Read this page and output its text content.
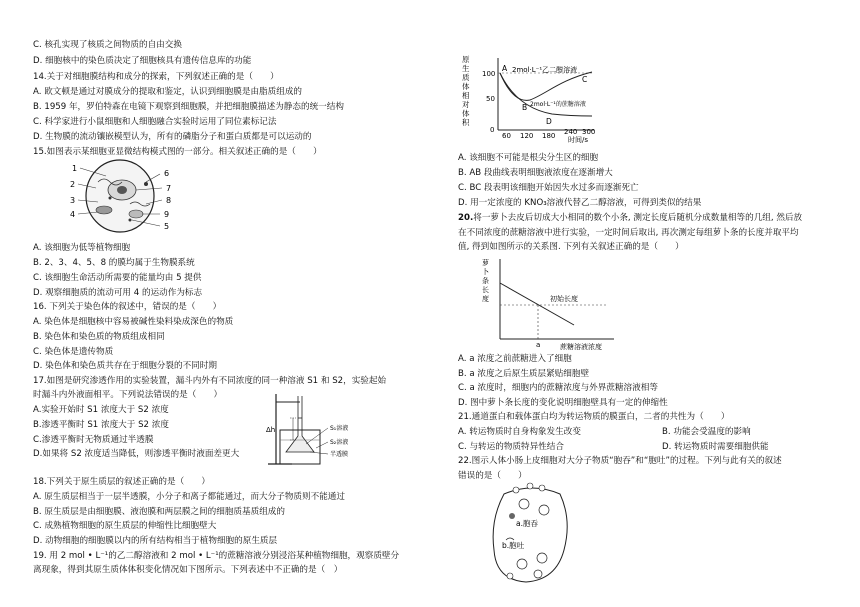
C. 核孔实现了核质之间物质的自由交换
D. 细胞核中的染色质决定了细胞核具有遗传信息库的功能
14.关于对细胞膜结构和成分的探索，下列叙述正确的是（　　）
A. 欧文顿是通过对膜成分的提取和鉴定，认识到细胞膜是由脂质组成的
B. 1959 年，罗伯特森在电镜下观察到细胞膜，并把细胞膜描述为静态的统一结构
C. 科学家进行小鼠细胞和人细胞融合实验时运用了同位素标记法
D. 生物膜的流动镶嵌模型认为，所有的磷脂分子和蛋白质都是可以运动的
15.如图表示某细胞亚显微结构模式图的一部分。相关叙述正确的是（　　）
1
2
3
4
6
7
8
9
5
A. 该细胞为低等植物细胞
B. 2、3、4、5、8 的膜均属于生物膜系统
C. 该细胞生命活动所需要的能量均由 5 提供
D. 观察细胞质的流动可用 4 的运动作为标志
16. 下列关于染色体的叙述中，错误的是（　　）
A. 染色体是细胞核中容易被碱性染料染成深色的物质
B. 染色体和染色质的物质组成相同
C. 染色体是遗传物质
D. 染色体和染色质共存在于细胞分裂的不同时期
17.如图是研究渗透作用的实验装置，漏斗内外有不同浓度的同一种溶液 S1 和 S2，实验起始
时漏斗内外液面相平。下列说法错误的是（　　）
A.实验开始时 S1 浓度大于 S2 浓度
B.渗透平衡时 S1 浓度大于 S2 浓度
C.渗透平衡时无物质通过半透膜
D.如果将 S2 浓度适当降低，则渗透平衡时液面差更大
18.下列关于原生质层的叙述正确的是（　　）
A. 原生质层相当于一层半透膜，小分子和离子都能通过，而大分子物质则不能通过
B. 原生质层是由细胞膜、液泡膜和两层膜之间的细胞质基质组成的
C. 成熟植物细胞的原生质层的伸缩性比细胞壁大
D. 动物细胞的细胞膜以内的所有结构相当于植物细胞的原生质层
19. 用 2 mol • L⁻¹的乙二醇溶液和 2 mol • L⁻¹的蔗糖溶液分别浸浴某种植物细胞，观察质壁分
离现象，得到其原生质体体积变化情况如下图所示。下列表述中不正确的是（　）
Δh	S₁溶液
S₂溶液
半透膜
原生质体相对体积
100
50
0
A
B
C
D
2mol·L⁻¹乙二醇溶液
2mol·L⁻¹的蔗糖溶液
60 120 180 240 300
时间/s
A. 该细胞不可能是根尖分生区的细胞
B. AB 段曲线表明细胞液浓度在逐渐增大
C. BC 段表明该细胞开始因失水过多而逐渐死亡
D. 用一定浓度的 KNO₃溶液代替乙二醇溶液，可得到类似的结果
20.将一萝卜去皮后切成大小相同的数个小条, 测定长度后随机分成数量相等的几组, 然后放
在不同浓度的蔗糖溶液中进行实验，一定时间后取出, 再次测定每组萝卜条的长度并取平均
值, 得到如图所示的关系图. 下列有关叙述正确的是（　　）
A. a 浓度之前蔗糖进入了细胞
B. a 浓度之后原生质层紧贴细胞壁
C. a 浓度时，细胞内的蔗糖浓度与外界蔗糖溶液相等
D. 图中萝卜条长度的变化说明细胞壁具有一定的伸缩性
21.通道蛋白和载体蛋白均为转运物质的膜蛋白，二者的共性为（　　）
A. 转运物质时自身构象发生改变	B. 功能会受温度的影响
C. 与转运的物质特异性结合	D. 转运物质时需要细胞供能
22.图示人体小肠上皮细胞对大分子物质“胞吞”和“胞吐”的过程。下列与此有关的叙述
错误的是（　　）
萝卜条长度	初始长度
a	蔗糖溶液浓度
a.胞吞
b.胞吐
